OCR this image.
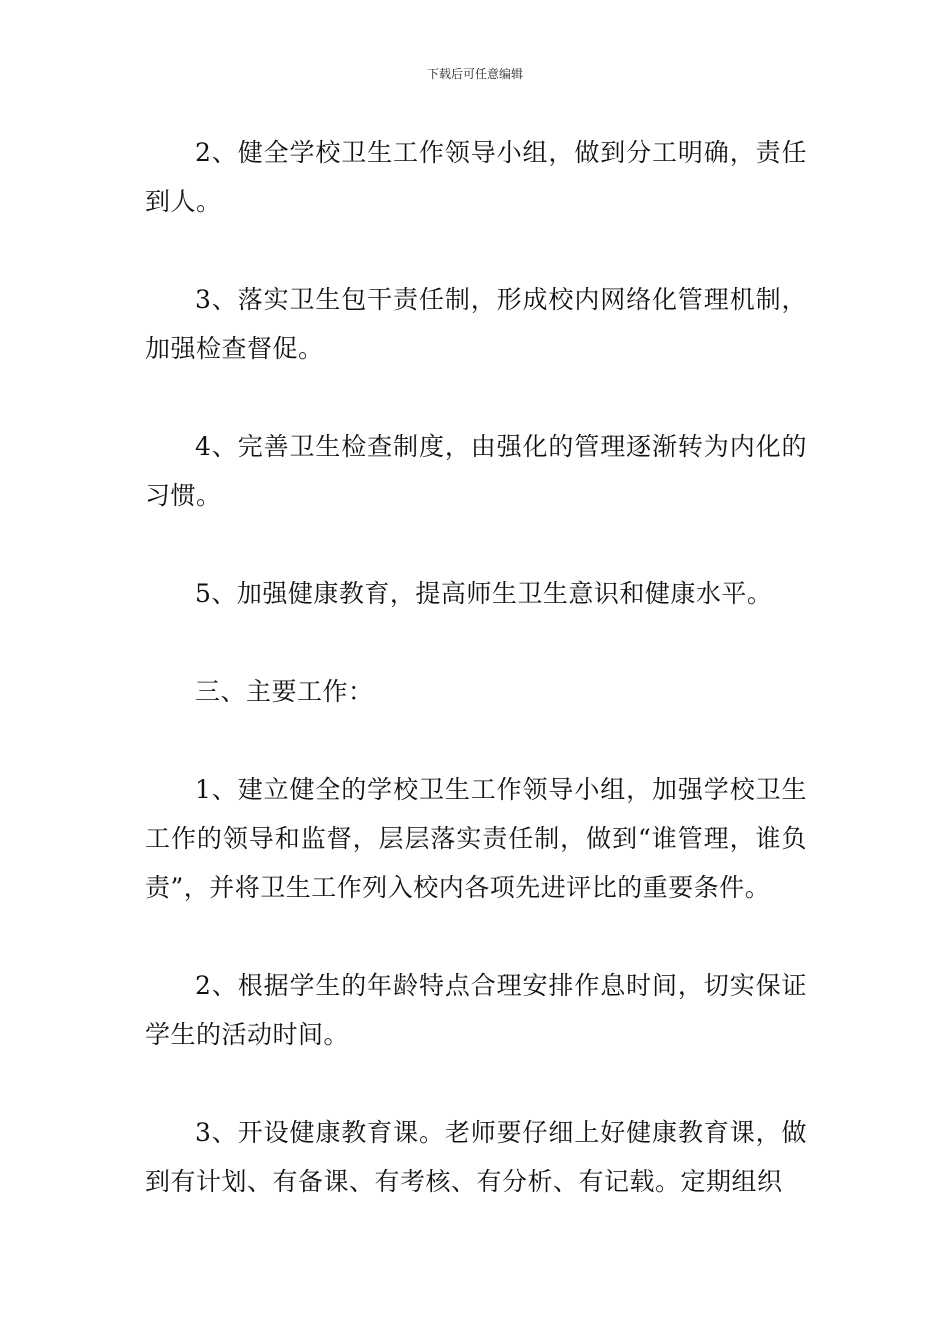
下载后可任意编辑

2、健全学校卫生工作领导小组，做到分工明确，责任到人。

3、落实卫生包干责任制，形成校内网络化管理机制，加强检查督促。

4、完善卫生检查制度，由强化的管理逐渐转为内化的习惯。

5、加强健康教育，提高师生卫生意识和健康水平。

三、主要工作：

1、建立健全的学校卫生工作领导小组，加强学校卫生工作的领导和监督，层层落实责任制，做到“谁管理，谁负责”，并将卫生工作列入校内各项先进评比的重要条件。

2、根据学生的年龄特点合理安排作息时间，切实保证学生的活动时间。

3、开设健康教育课。老师要仔细上好健康教育课，做到有计划、有备课、有考核、有分析、有记载。定期组织
